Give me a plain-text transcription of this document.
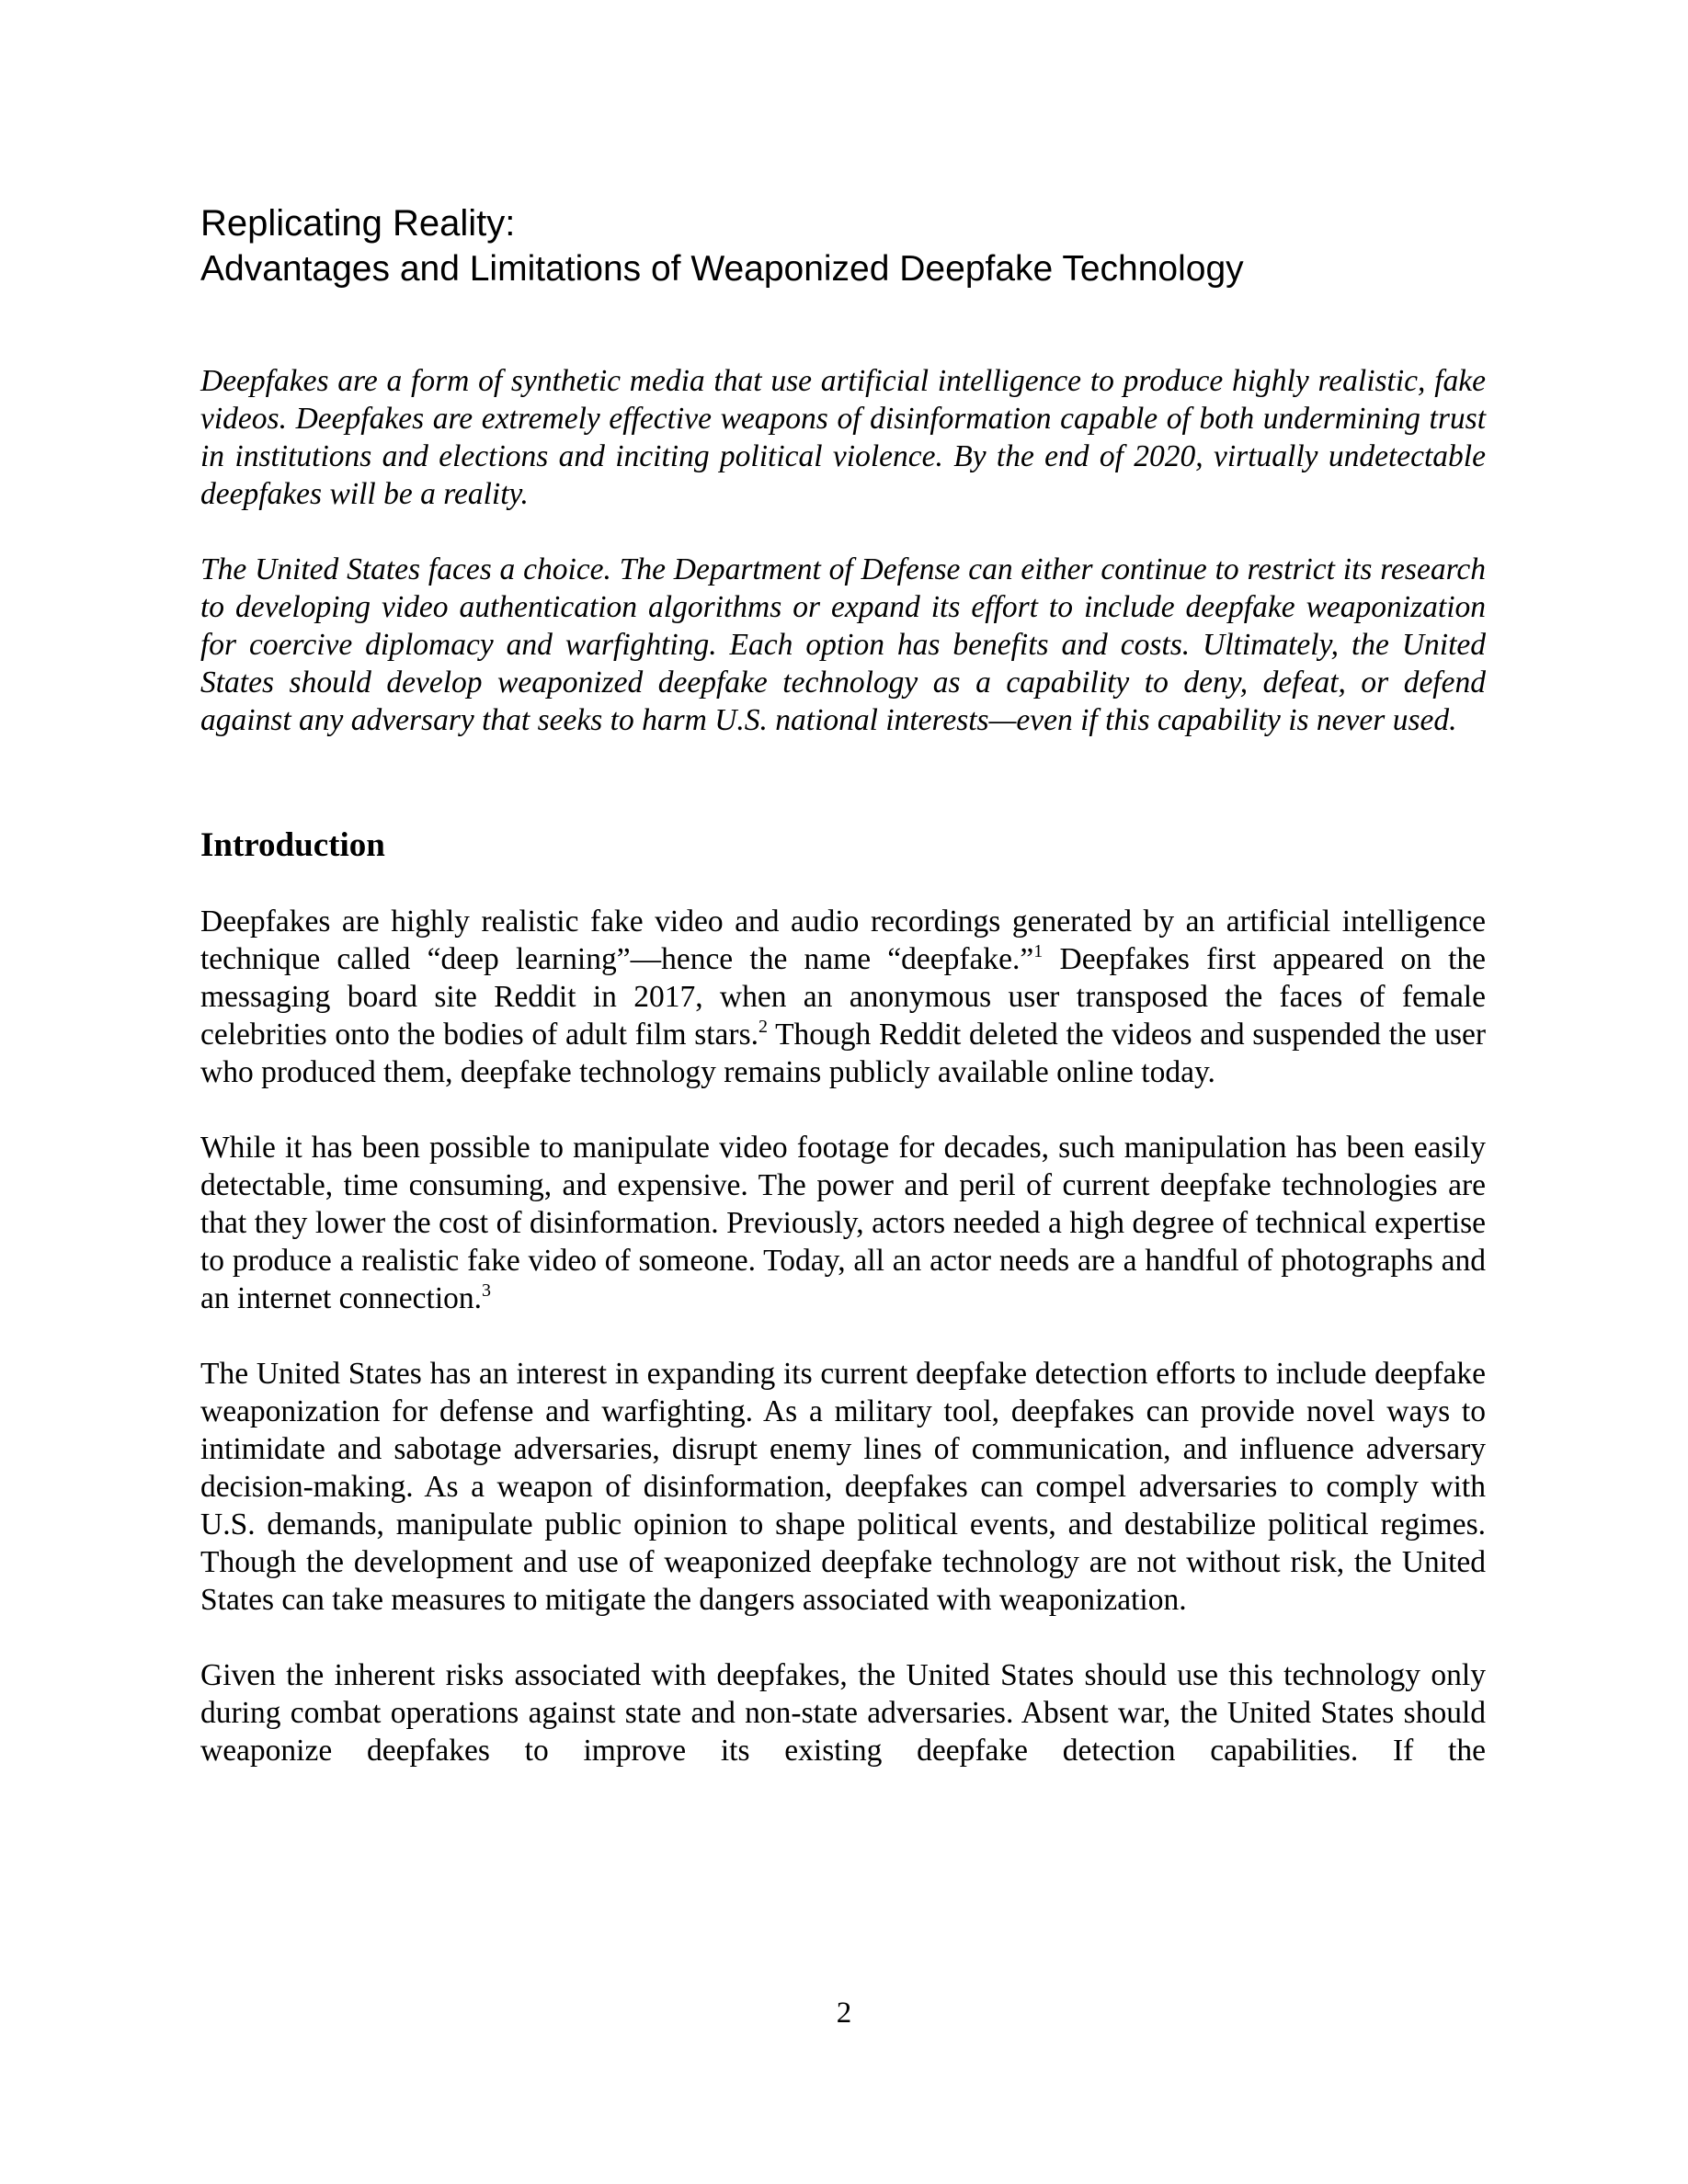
Replicating Reality:
Advantages and Limitations of Weaponized Deepfake Technology

Deepfakes are a form of synthetic media that use artificial intelligence to produce highly realistic, fake videos. Deepfakes are extremely effective weapons of disinformation capable of both undermining trust in institutions and elections and inciting political violence. By the end of 2020, virtually undetectable deepfakes will be a reality.

The United States faces a choice. The Department of Defense can either continue to restrict its research to developing video authentication algorithms or expand its effort to include deepfake weaponization for coercive diplomacy and warfighting. Each option has benefits and costs. Ultimately, the United States should develop weaponized deepfake technology as a capability to deny, defeat, or defend against any adversary that seeks to harm U.S. national interests—even if this capability is never used.

Introduction

Deepfakes are highly realistic fake video and audio recordings generated by an artificial intelligence technique called “deep learning”—hence the name “deepfake.”$^1$ Deepfakes first appeared on the messaging board site Reddit in 2017, when an anonymous user transposed the faces of female celebrities onto the bodies of adult film stars.$^2$ Though Reddit deleted the videos and suspended the user who produced them, deepfake technology remains publicly available online today.

While it has been possible to manipulate video footage for decades, such manipulation has been easily detectable, time consuming, and expensive. The power and peril of current deepfake technologies are that they lower the cost of disinformation. Previously, actors needed a high degree of technical expertise to produce a realistic fake video of someone. Today, all an actor needs are a handful of photographs and an internet connection.$^3$

The United States has an interest in expanding its current deepfake detection efforts to include deepfake weaponization for defense and warfighting. As a military tool, deepfakes can provide novel ways to intimidate and sabotage adversaries, disrupt enemy lines of communication, and influence adversary decision-making. As a weapon of disinformation, deepfakes can compel adversaries to comply with U.S. demands, manipulate public opinion to shape political events, and destabilize political regimes. Though the development and use of weaponized deepfake technology are not without risk, the United States can take measures to mitigate the dangers associated with weaponization.

Given the inherent risks associated with deepfakes, the United States should use this technology only during combat operations against state and non-state adversaries. Absent war, the United States should weaponize deepfakes to improve its existing deepfake detection capabilities. If the

2
